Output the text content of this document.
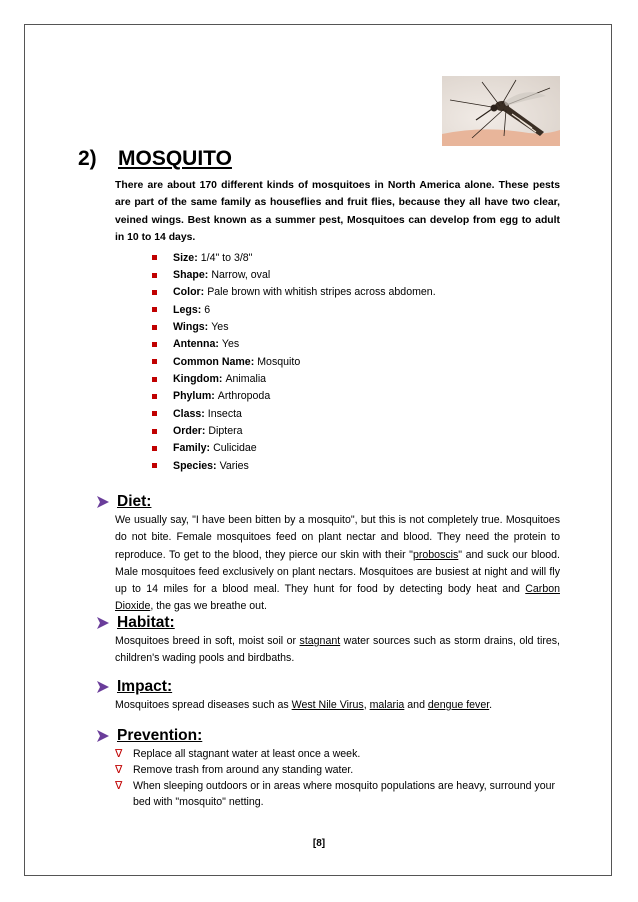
2)	MOSQUITO
There are about 170 different kinds of mosquitoes in North America alone. These pests are part of the same family as houseflies and fruit flies, because they all have two clear, veined wings. Best known as a summer pest, Mosquitoes can develop from egg to adult in 10 to 14 days.
Size: 1/4" to 3/8"
Shape: Narrow, oval
Color: Pale brown with whitish stripes across abdomen.
Legs: 6
Wings: Yes
Antenna: Yes
Common Name: Mosquito
Kingdom: Animalia
Phylum: Arthropoda
Class: Insecta
Order: Diptera
Family: Culicidae
Species: Varies
Diet:
We usually say, "I have been bitten by a mosquito", but this is not completely true. Mosquitoes do not bite. Female mosquitoes feed on plant nectar and blood. They need the protein to reproduce. To get to the blood, they pierce our skin with their "proboscis" and suck our blood. Male mosquitoes feed exclusively on plant nectars. Mosquitoes are busiest at night and will fly up to 14 miles for a blood meal. They hunt for food by detecting body heat and Carbon Dioxide, the gas we breathe out.
Habitat:
Mosquitoes breed in soft, moist soil or stagnant water sources such as storm drains, old tires, children's wading pools and birdbaths.
Impact:
Mosquitoes spread diseases such as West Nile Virus, malaria and dengue fever.
Prevention:
∇	Replace all stagnant water at least once a week.
∇	Remove trash from around any standing water.
∇	When sleeping outdoors or in areas where mosquito populations are heavy, surround your bed with "mosquito" netting.
[8]
